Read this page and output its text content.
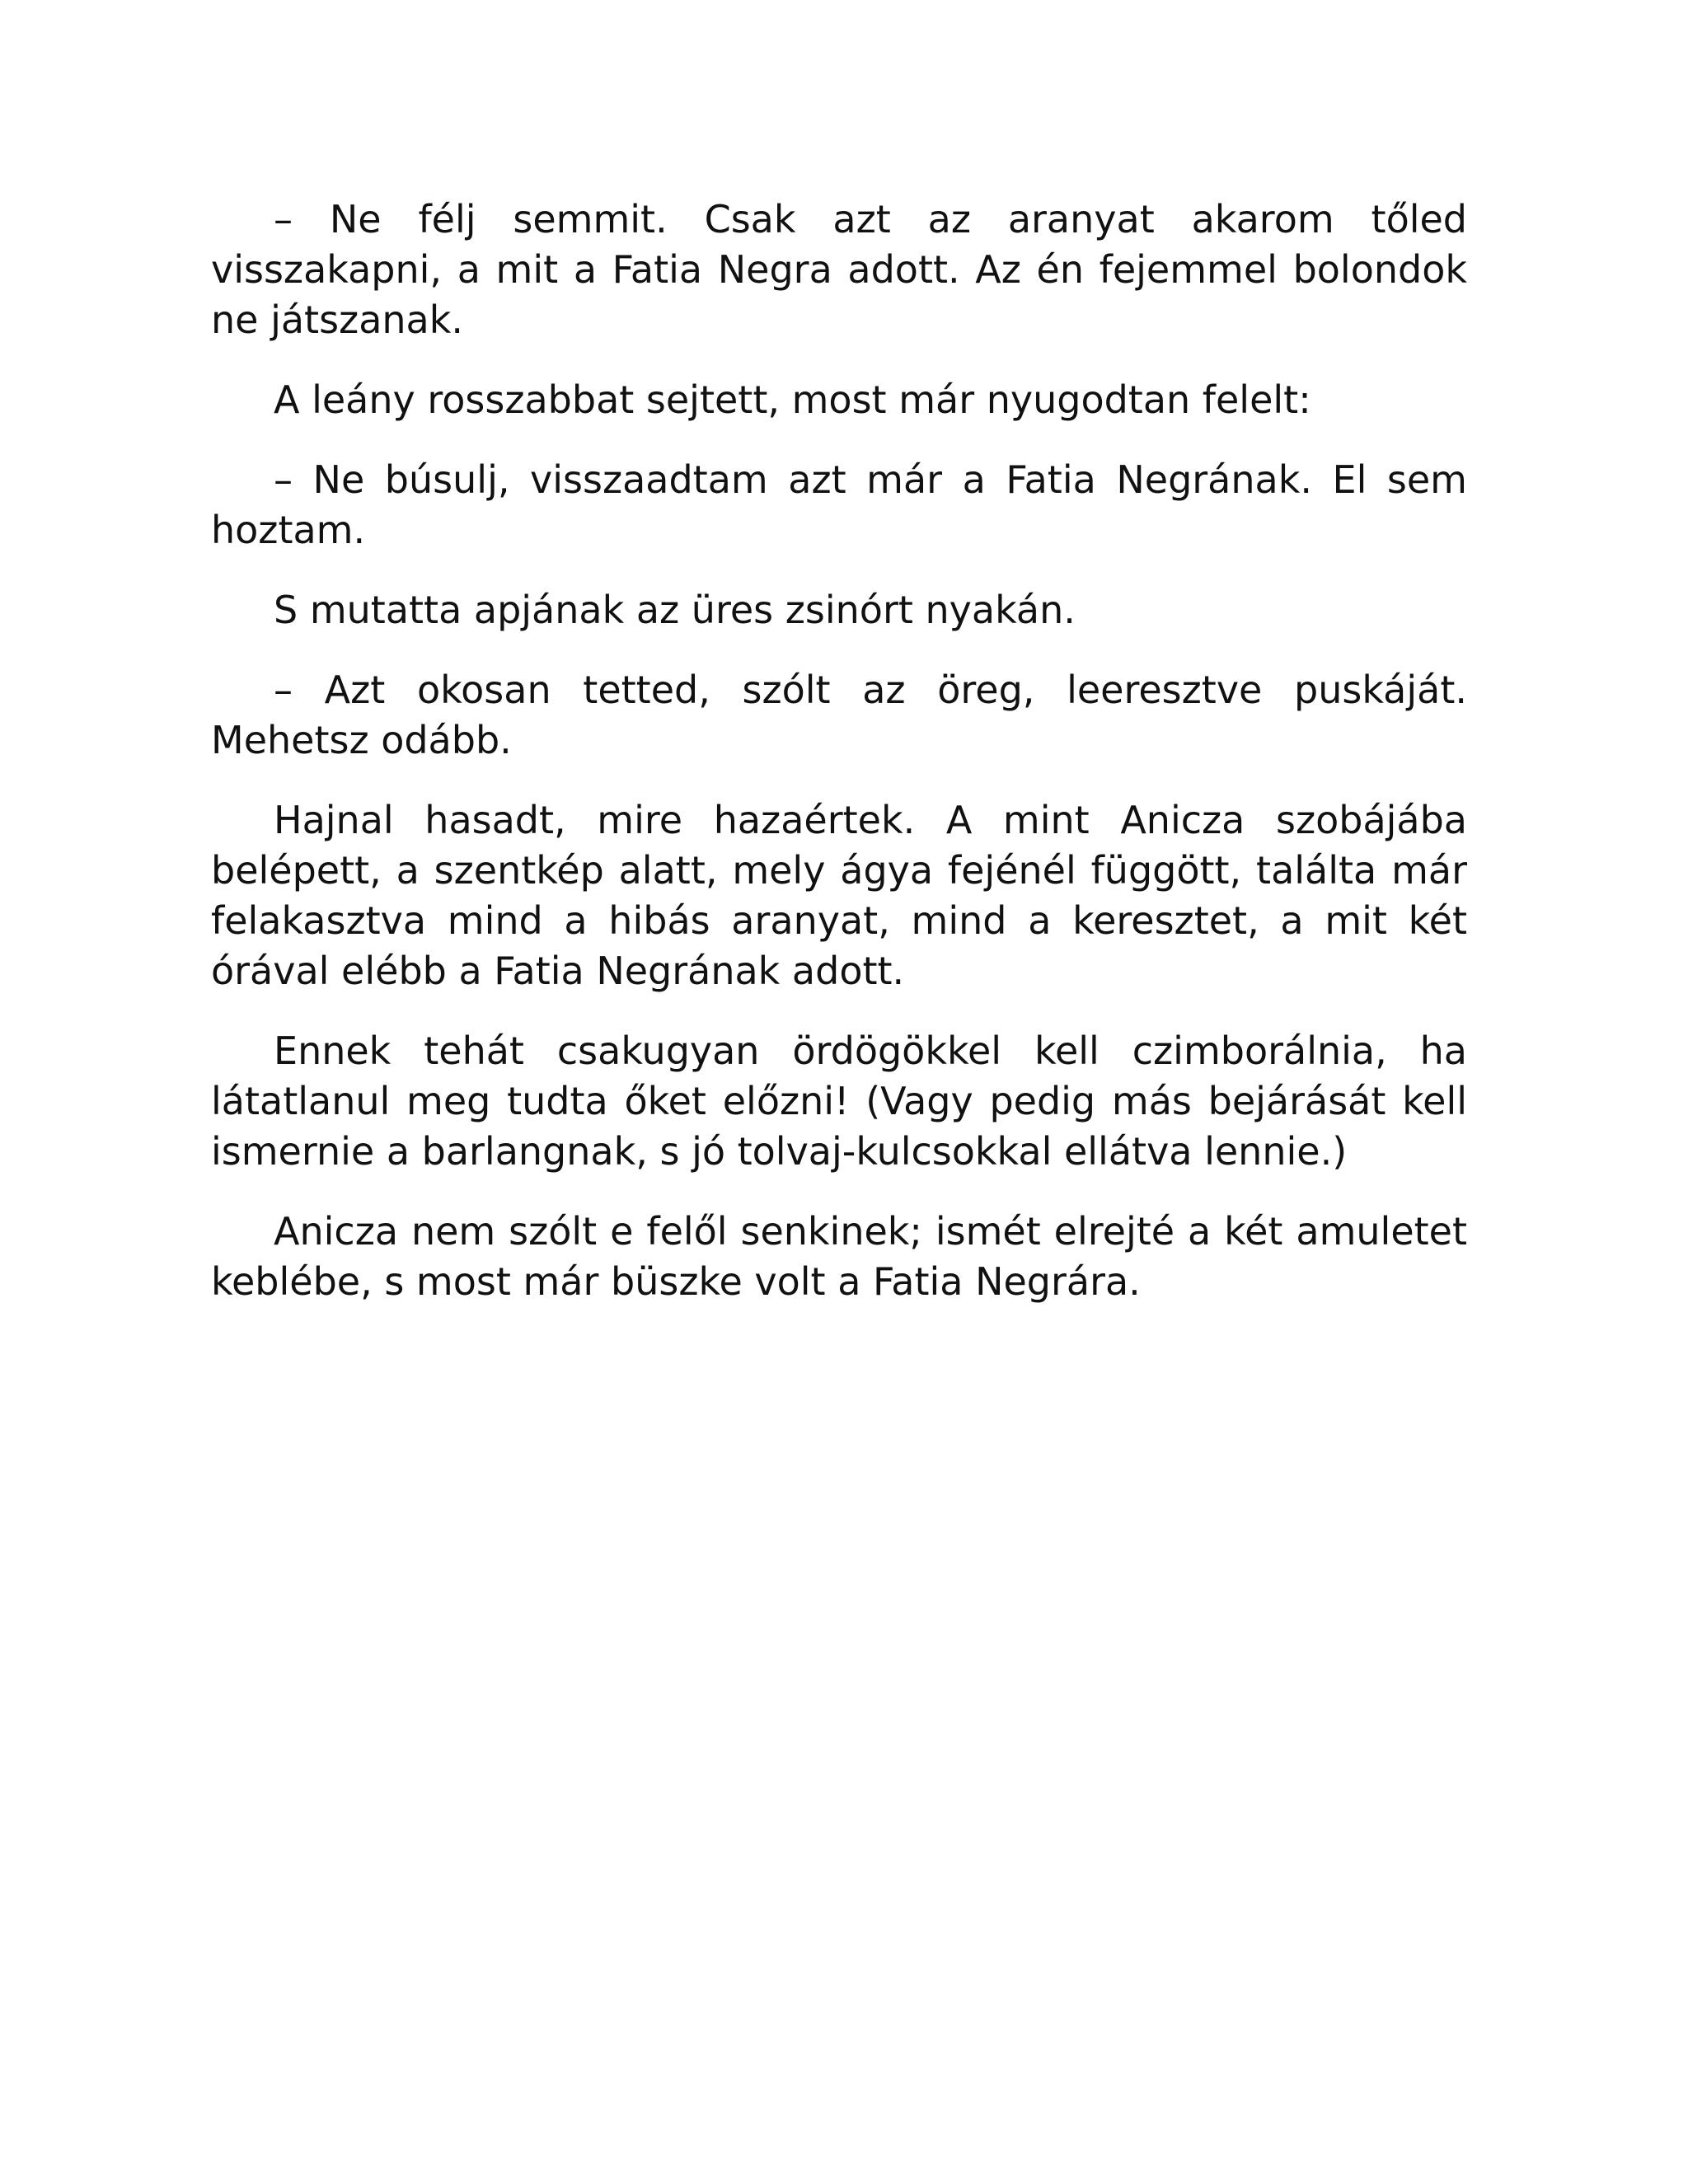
– Ne félj semmit. Csak azt az aranyat akarom tőled visszakapni, a mit a Fatia Negra adott. Az én fejemmel bolondok ne játszanak.

A leány rosszabbat sejtett, most már nyugodtan felelt:

– Ne búsulj, visszaadtam azt már a Fatia Negrának. El sem hoztam.

S mutatta apjának az üres zsinórt nyakán.

– Azt okosan tetted, szólt az öreg, leeresztve puskáját. Mehetsz odább.

Hajnal hasadt, mire hazaértek. A mint Anicza szobájába belépett, a szentkép alatt, mely ágya fejénél függött, találta már felakasztva mind a hibás aranyat, mind a keresztet, a mit két órával elébb a Fatia Negrának adott.

Ennek tehát csakugyan ördögökkel kell czimborálnia, ha látatlanul meg tudta őket előzni! (Vagy pedig más bejárását kell ismernie a barlangnak, s jó tolvaj-kulcsokkal ellátva lennie.)

Anicza nem szólt e felől senkinek; ismét elrejté a két amuletet keblébe, s most már büszke volt a Fatia Negrára.
